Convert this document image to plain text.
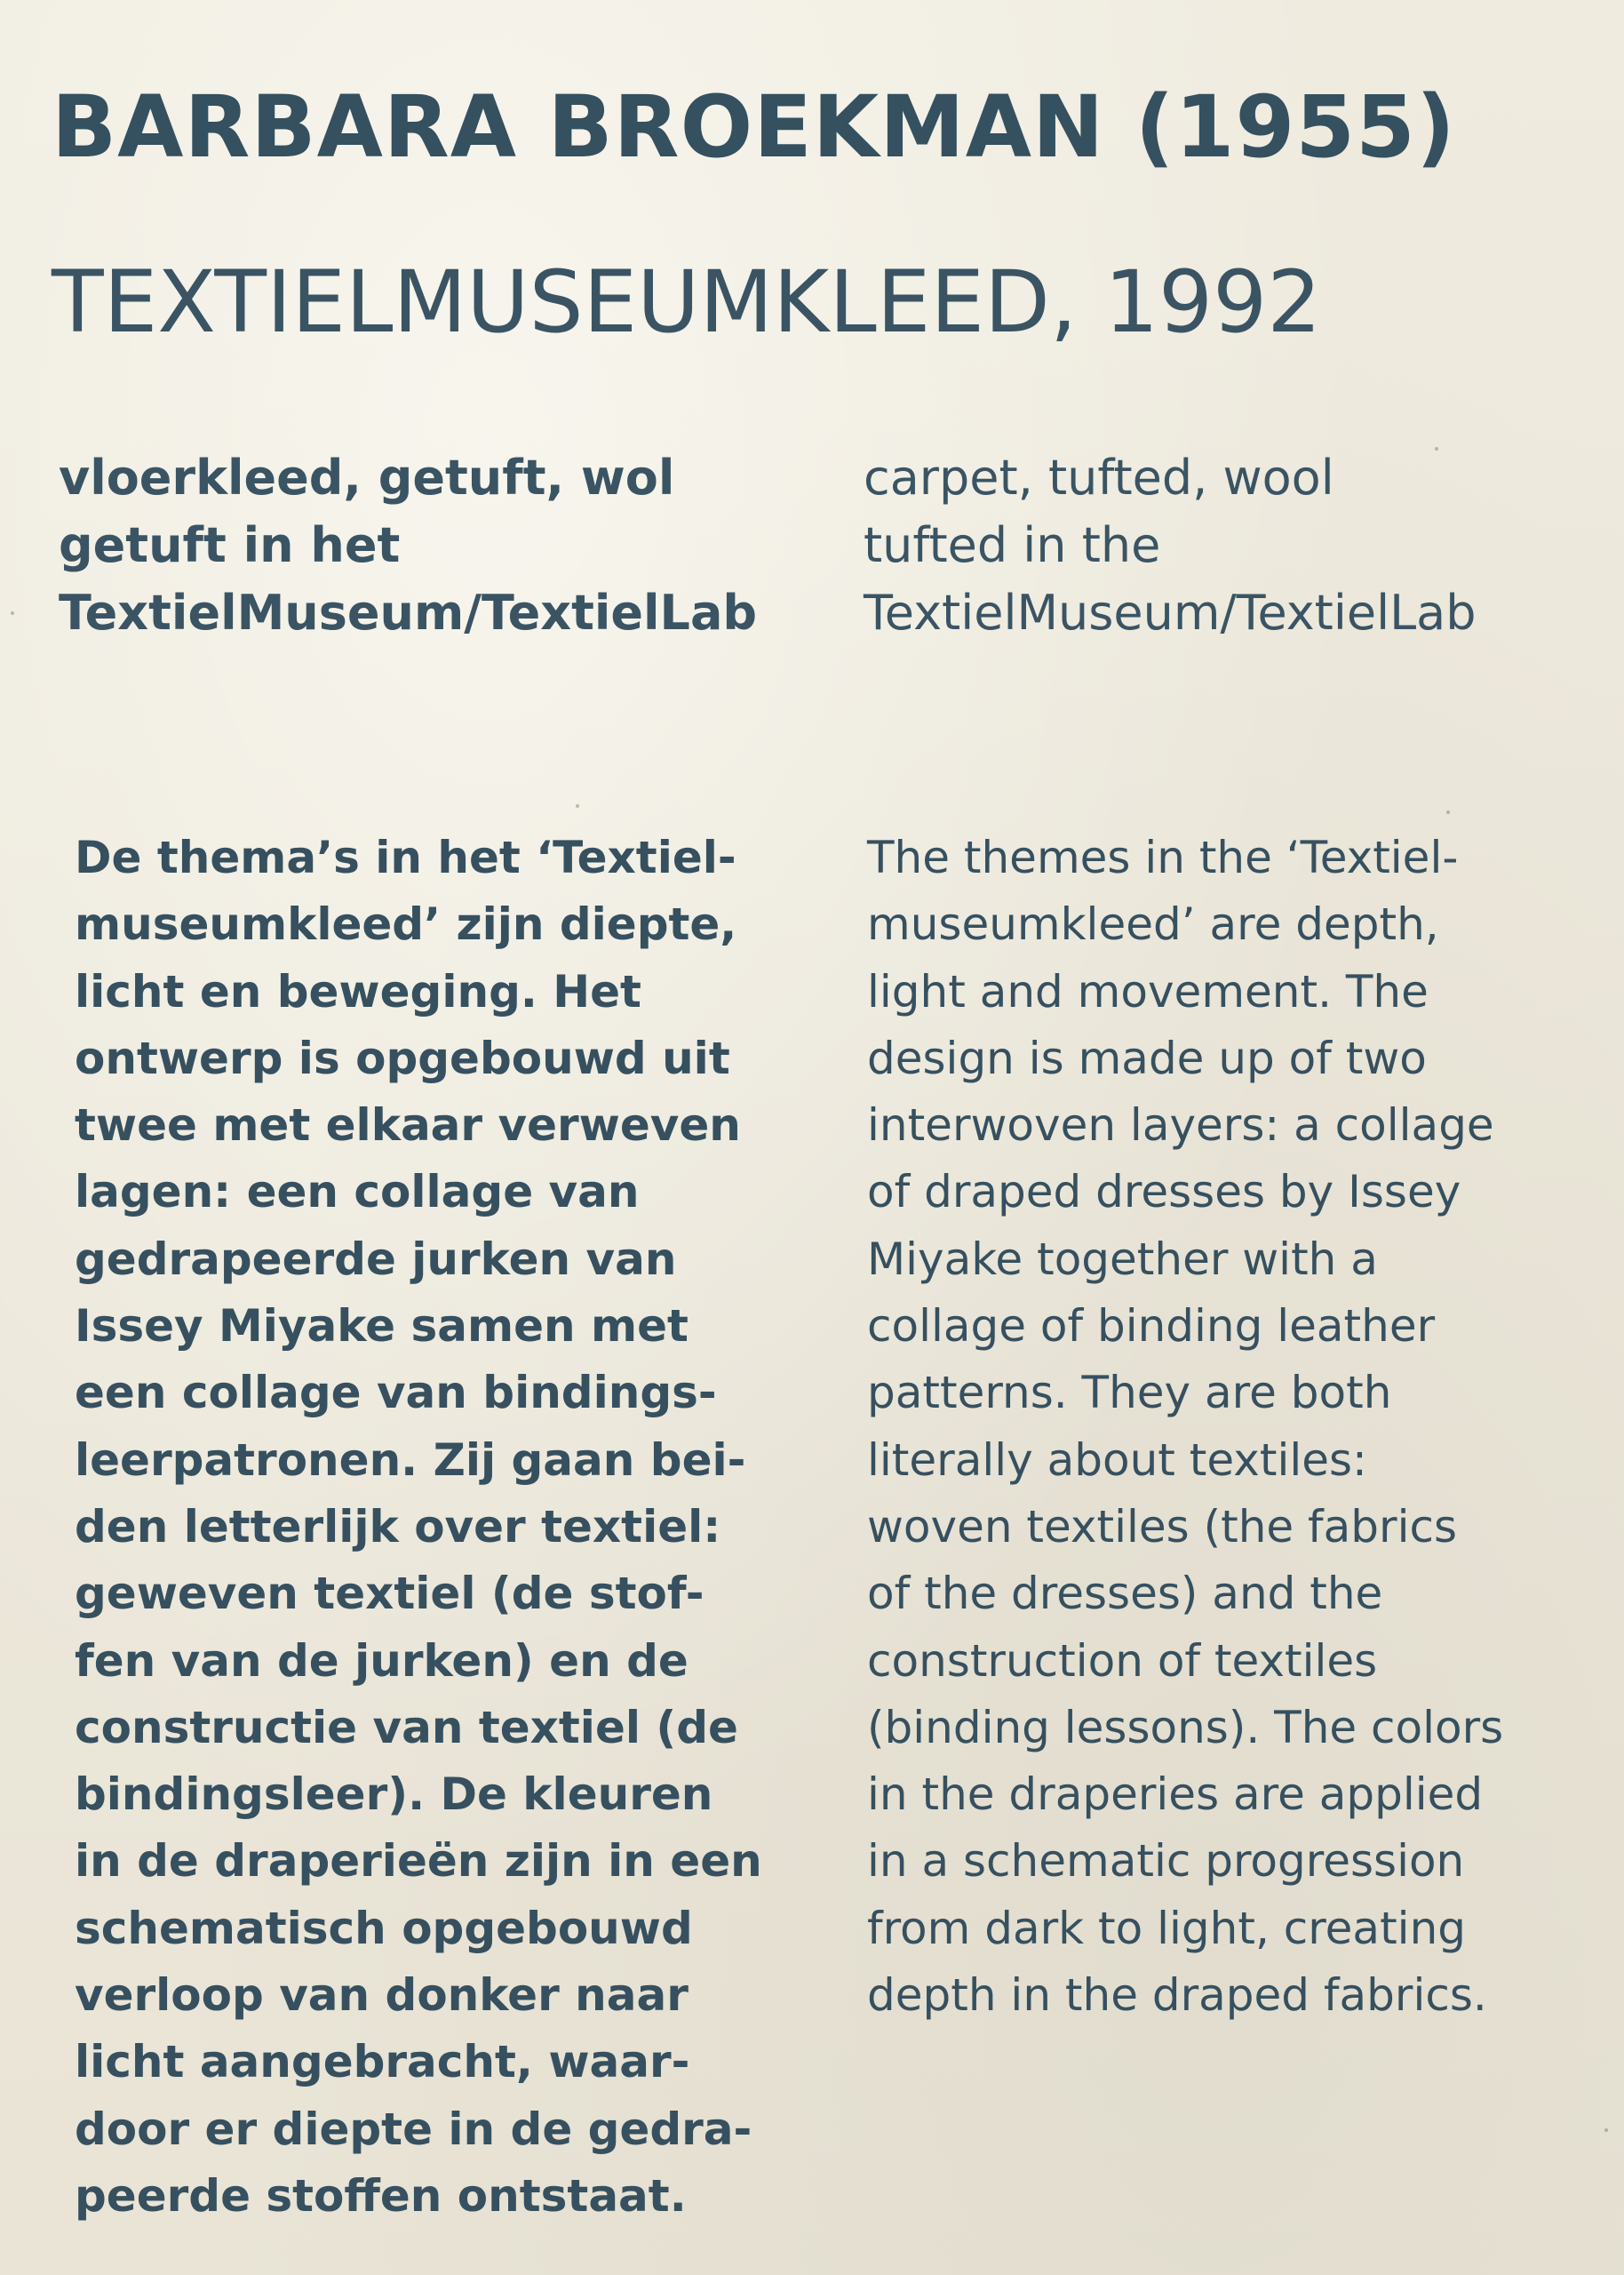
BARBARA BROEKMAN (1955)
TEXTIELMUSEUMKLEED, 1992
vloerkleed, getuft, wol
getuft in het
TextielMuseum/TextielLab
carpet, tufted, wool
tufted in the
TextielMuseum/TextielLab
De thema’s in het ‘Textiel-
museumkleed’ zijn diepte,
licht en beweging. Het
ontwerp is opgebouwd uit
twee met elkaar verweven
lagen: een collage van
gedrapeerde jurken van
Issey Miyake samen met
een collage van bindings-
leerpatronen. Zij gaan bei-
den letterlijk over textiel:
geweven textiel (de stof-
fen van de jurken) en de
constructie van textiel (de
bindingsleer). De kleuren
in de draperieën zijn in een
schematisch opgebouwd
verloop van donker naar
licht aangebracht, waar-
door er diepte in de gedra-
peerde stoffen ontstaat.
The themes in the ‘Textiel-
museumkleed’ are depth,
light and movement. The
design is made up of two
interwoven layers: a collage
of draped dresses by Issey
Miyake together with a
collage of binding leather
patterns. They are both
literally about textiles:
woven textiles (the fabrics
of the dresses) and the
construction of textiles
(binding lessons). The colors
in the draperies are applied
in a schematic progression
from dark to light, creating
depth in the draped fabrics.
